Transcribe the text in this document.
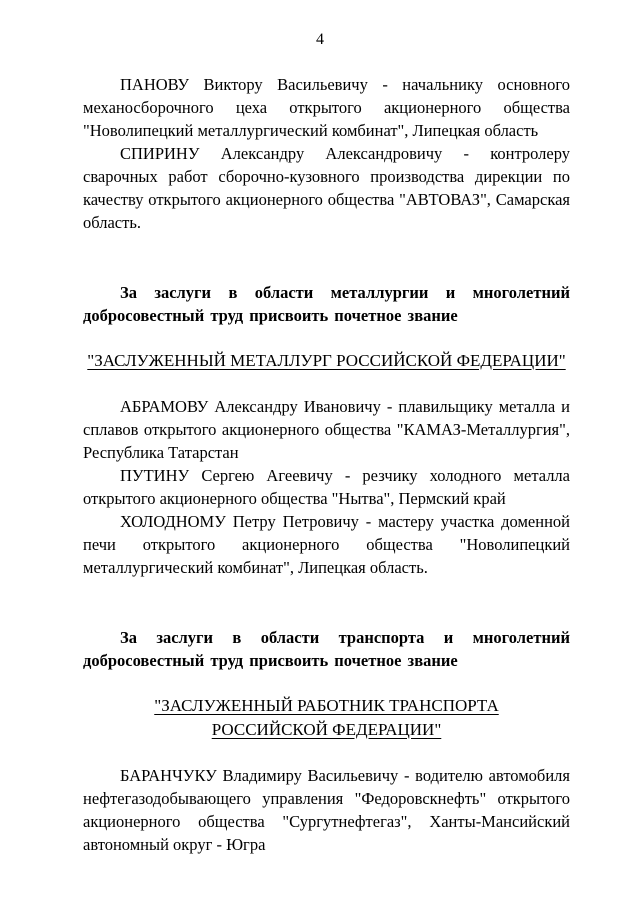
4

ПАНОВУ Виктору Васильевичу - начальнику основного механосборочного цеха открытого акционерного общества "Новолипецкий металлургический комбинат", Липецкая область

СПИРИНУ Александру Александровичу - контролеру сварочных работ сборочно-кузовного производства дирекции по качеству открытого акционерного общества "АВТОВАЗ", Самарская область.

За заслуги в области металлургии и многолетний добросовестный труд присвоить почетное звание

"ЗАСЛУЖЕННЫЙ МЕТАЛЛУРГ РОССИЙСКОЙ ФЕДЕРАЦИИ"

АБРАМОВУ Александру Ивановичу - плавильщику металла и сплавов открытого акционерного общества "КАМАЗ-Металлургия", Республика Татарстан

ПУТИНУ Сергею Агеевичу - резчику холодного металла открытого акционерного общества "Нытва", Пермский край

ХОЛОДНОМУ Петру Петровичу - мастеру участка доменной печи открытого акционерного общества "Новолипецкий металлургический комбинат", Липецкая область.

За заслуги в области транспорта и многолетний добросовестный труд присвоить почетное звание

"ЗАСЛУЖЕННЫЙ РАБОТНИК ТРАНСПОРТА
РОССИЙСКОЙ ФЕДЕРАЦИИ"

БАРАНЧУКУ Владимиру Васильевичу - водителю автомобиля нефтегазодобывающего управления "Федоровскнефть" открытого акционерного общества "Сургутнефтегаз", Ханты-Мансийский автономный округ - Югра
